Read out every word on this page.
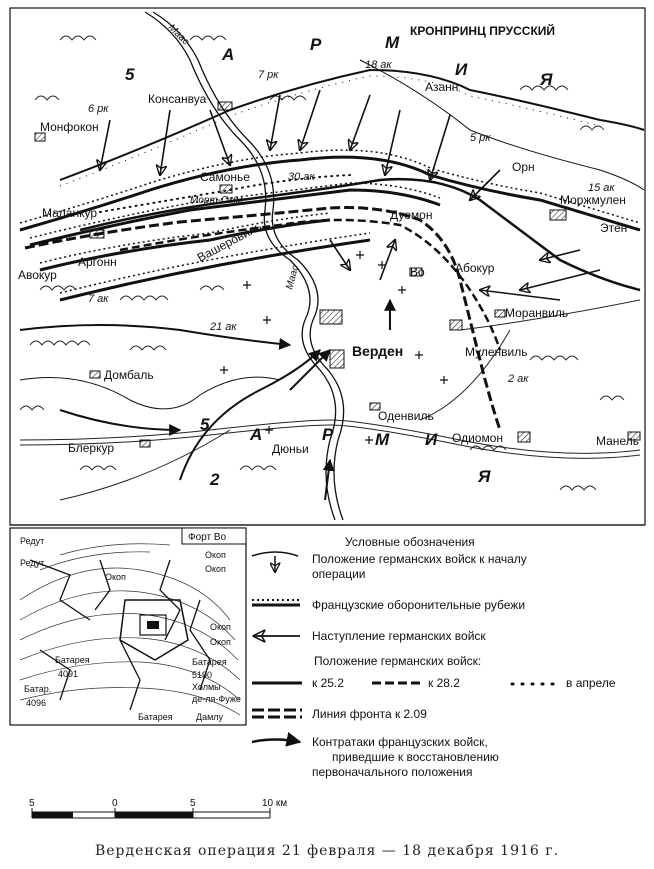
Консанвуа
Монфокон
Самонье
Маланкур
Авокур
Аргонн
Азанн
Орн
Морт-Омм
Дуомон
Моржмулен
Этен
Вашеровиль
Во	Абокур
Моранвиль
Верден	Муленвиль
Домбаль
Оденвиль
Блеркур	Дюньи
Одиомон	Манель
Маас
Маас
КРОНПРИНЦ ПРУССКИЙ
7 рк
18 ак
6 рк
5 рк
30 ак
15 ак
7 ак
21 ак
2 ак
5
5
2
А
Р	М
И
Я
А	Р М И
Я
Форт Во
Редут
Редут
Окоп
Окоп
Окоп
Окоп
Окоп
Батарея
4091
Батарея
5190
Холмы
де-ля-Фуже
Батар.
4096
Батарея	Дамлу
Условные обозначения
Положение германских войск к началу
операции
Французские оборонительные рубежи
Наступление германских войск
Положение германских войск:
к 25.2	к 28.2	в апреле
Линия фронта к 2.09
Контратаки французских войск,
приведшие к восстановлению
первоначального положения
5	0	5	10 км
Верденская операция 21 февраля — 18 декабря 1916 г.
